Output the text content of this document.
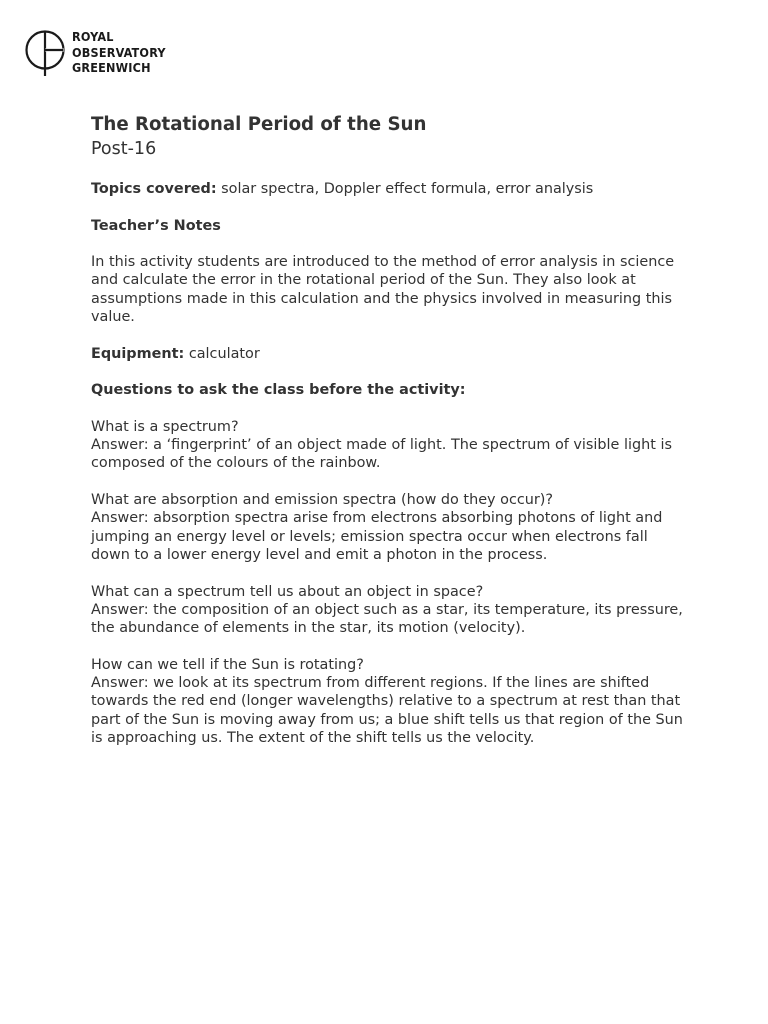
ROYAL
OBSERVATORY
GREENWICH

The Rotational Period of the Sun

Post-16

Topics covered: solar spectra, Doppler effect formula, error analysis

Teacher’s Notes

In this activity students are introduced to the method of error analysis in science
and calculate the error in the rotational period of the Sun. They also look at
assumptions made in this calculation and the physics involved in measuring this
value.

Equipment: calculator

Questions to ask the class before the activity:

What is a spectrum?
Answer: a ‘fingerprint’ of an object made of light. The spectrum of visible light is
composed of the colours of the rainbow.
What are absorption and emission spectra (how do they occur)?
Answer: absorption spectra arise from electrons absorbing photons of light and
jumping an energy level or levels; emission spectra occur when electrons fall
down to a lower energy level and emit a photon in the process.
What can a spectrum tell us about an object in space?
Answer: the composition of an object such as a star, its temperature, its pressure,
the abundance of elements in the star, its motion (velocity).
How can we tell if the Sun is rotating?
Answer: we look at its spectrum from different regions. If the lines are shifted
towards the red end (longer wavelengths) relative to a spectrum at rest than that
part of the Sun is moving away from us; a blue shift tells us that region of the Sun
is approaching us. The extent of the shift tells us the velocity.
